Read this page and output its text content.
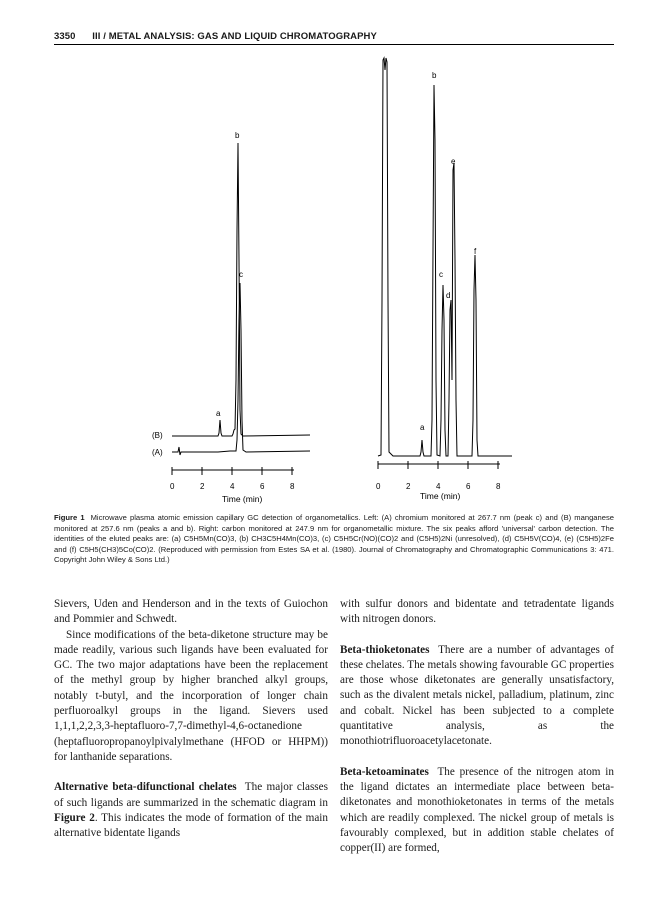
3350 III / METAL ANALYSIS: GAS AND LIQUID CHROMATOGRAPHY
0	2	4	6	8
Time (min)
(B)
(A)
a
b
c
0	2	4	6	8
Time (min)
a
b
c
d
e
f
Figure 1 Microwave plasma atomic emission capillary GC detection of organometallics. Left: (A) chromium monitored at 267.7 nm (peak c) and (B) manganese monitored at 257.6 nm (peaks a and b). Right: carbon monitored at 247.9 nm for organometallic mixture. The six peaks afford 'universal' carbon detection. The identities of the eluted peaks are: (a) C5H5Mn(CO)3, (b) CH3C5H4Mn(CO)3, (c) C5H5Cr(NO)(CO)2 and (C5H5)2Ni (unresolved), (d) C5H5V(CO)4, (e) (C5H5)2Fe and (f) C5H5(CH3)5Co(CO)2. (Reproduced with permission from Estes SA et al. (1980). Journal of Chromatography and Chromatographic Communications 3: 471. Copyright John Wiley & Sons Ltd.)

Sievers, Uden and Henderson and in the texts of Guiochon and Pommier and Schwedt.

Since modifications of the beta-diketone structure may be made readily, various such ligands have been evaluated for GC. The two major adaptations have been the replacement of the methyl group by higher branched alkyl groups, notably t-butyl, and the incorporation of longer chain perfluoroalkyl groups in the ligand. Sievers used 1,1,1,2,2,3,3-heptafluoro-7,7-dimethyl-4,6-octanedione (heptafluoropropanoylpivalylmethane (HFOD or HHPM)) for lanthanide separations.

Alternative beta-difunctional chelates The major classes of such ligands are summarized in the schematic diagram in Figure 2. This indicates the mode of formation of the main alternative bidentate ligands

with sulfur donors and bidentate and tetradentate ligands with nitrogen donors.

Beta-thioketonates There are a number of advantages of these chelates. The metals showing favourable GC properties are those whose diketonates are generally unsatisfactory, such as the divalent metals nickel, palladium, platinum, zinc and cobalt. Nickel has been subjected to a complete quantitative analysis, as the monothiotrifluoroacetylacetonate.

Beta-ketoaminates The presence of the nitrogen atom in the ligand dictates an intermediate place between beta-diketonates and monothioketonates in terms of the metals which are readily complexed. The nickel group of metals is favourably complexed, but in addition stable chelates of copper(II) are formed,
